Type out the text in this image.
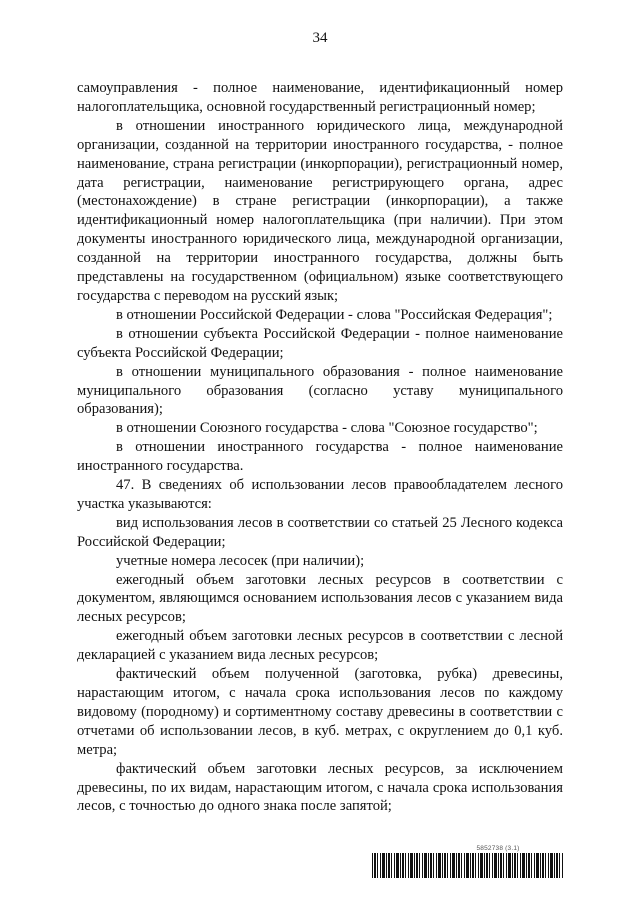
34

самоуправления - полное наименование, идентификационный номер налогоплательщика, основной государственный регистрационный номер;

в отношении иностранного юридического лица, международной организации, созданной на территории иностранного государства, - полное наименование, страна регистрации (инкорпорации), регистрационный номер, дата регистрации, наименование регистрирующего органа, адрес (местонахождение) в стране регистрации (инкорпорации), а также идентификационный номер налогоплательщика (при наличии). При этом документы иностранного юридического лица, международной организации, созданной на территории иностранного государства, должны быть представлены на государственном (официальном) языке соответствующего государства с переводом на русский язык;

в отношении Российской Федерации - слова "Российская Федерация";

в отношении субъекта Российской Федерации - полное наименование субъекта Российской Федерации;

в отношении муниципального образования - полное наименование муниципального образования (согласно уставу муниципального образования);

в отношении Союзного государства - слова "Союзное государство";

в отношении иностранного государства - полное наименование иностранного государства.

47. В сведениях об использовании лесов правообладателем лесного участка указываются:

вид использования лесов в соответствии со статьей 25 Лесного кодекса Российской Федерации;

учетные номера лесосек (при наличии);

ежегодный объем заготовки лесных ресурсов в соответствии с документом, являющимся основанием использования лесов с указанием вида лесных ресурсов;

ежегодный объем заготовки лесных ресурсов в соответствии с лесной декларацией с указанием вида лесных ресурсов;

фактический объем полученной (заготовка, рубка) древесины, нарастающим итогом, с начала срока использования лесов по каждому видовому (породному) и сортиментному составу древесины в соответствии с отчетами об использовании лесов, в куб. метрах, с округлением до 0,1 куб. метра;

фактический объем заготовки лесных ресурсов, за исключением древесины, по их видам, нарастающим итогом, с начала срока использования лесов, с точностью до одного знака после запятой;

5852738 (3.1)
